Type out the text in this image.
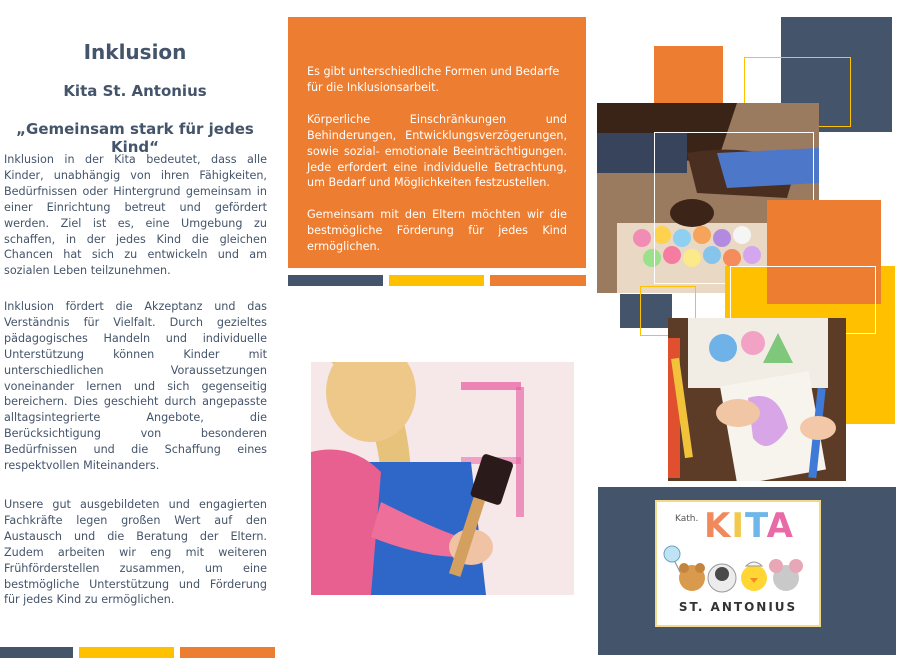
Inklusion
Kita St. Antonius
„Gemeinsam stark für jedes Kind“

Inklusion in der Kita bedeutet, dass alle Kinder, unabhängig von ihren Fähigkeiten, Bedürfnissen oder Hintergrund gemeinsam in einer Einrichtung betreut und gefördert werden. Ziel ist es, eine Umgebung zu schaffen, in der jedes Kind die gleichen Chancen hat sich zu entwickeln und am sozialen Leben teilzunehmen.

Inklusion fördert die Akzeptanz und das Verständnis für Vielfalt. Durch gezieltes pädagogisches Handeln und individuelle Unterstützung können Kinder mit unterschiedlichen Voraussetzungen voneinander lernen und sich gegenseitig bereichern. Dies geschieht durch angepasste alltagsintegrierte Angebote, die Berücksichtigung von besonderen Bedürfnissen und die Schaffung eines respektvollen Miteinanders.

Unsere gut ausgebildeten und engagierten Fachkräfte legen großen Wert auf den Austausch und die Beratung der Eltern. Zudem arbeiten wir eng mit weiteren Frühförderstellen zusammen, um eine bestmögliche Unterstützung und Förderung für jedes Kind zu ermöglichen.

Es gibt unterschiedliche Formen und Bedarfe für die Inklusionsarbeit.

Körperliche Einschränkungen und Behinderungen, Entwicklungsverzögerungen, sowie sozial- emotionale Beeinträchtigungen. Jede erfordert eine individuelle Betrachtung, um Bedarf und Möglichkeiten festzustellen.

Gemeinsam mit den Eltern möchten wir die bestmögliche Förderung für jedes Kind ermöglichen.

Kath. KITA
ST. ANTONIUS
